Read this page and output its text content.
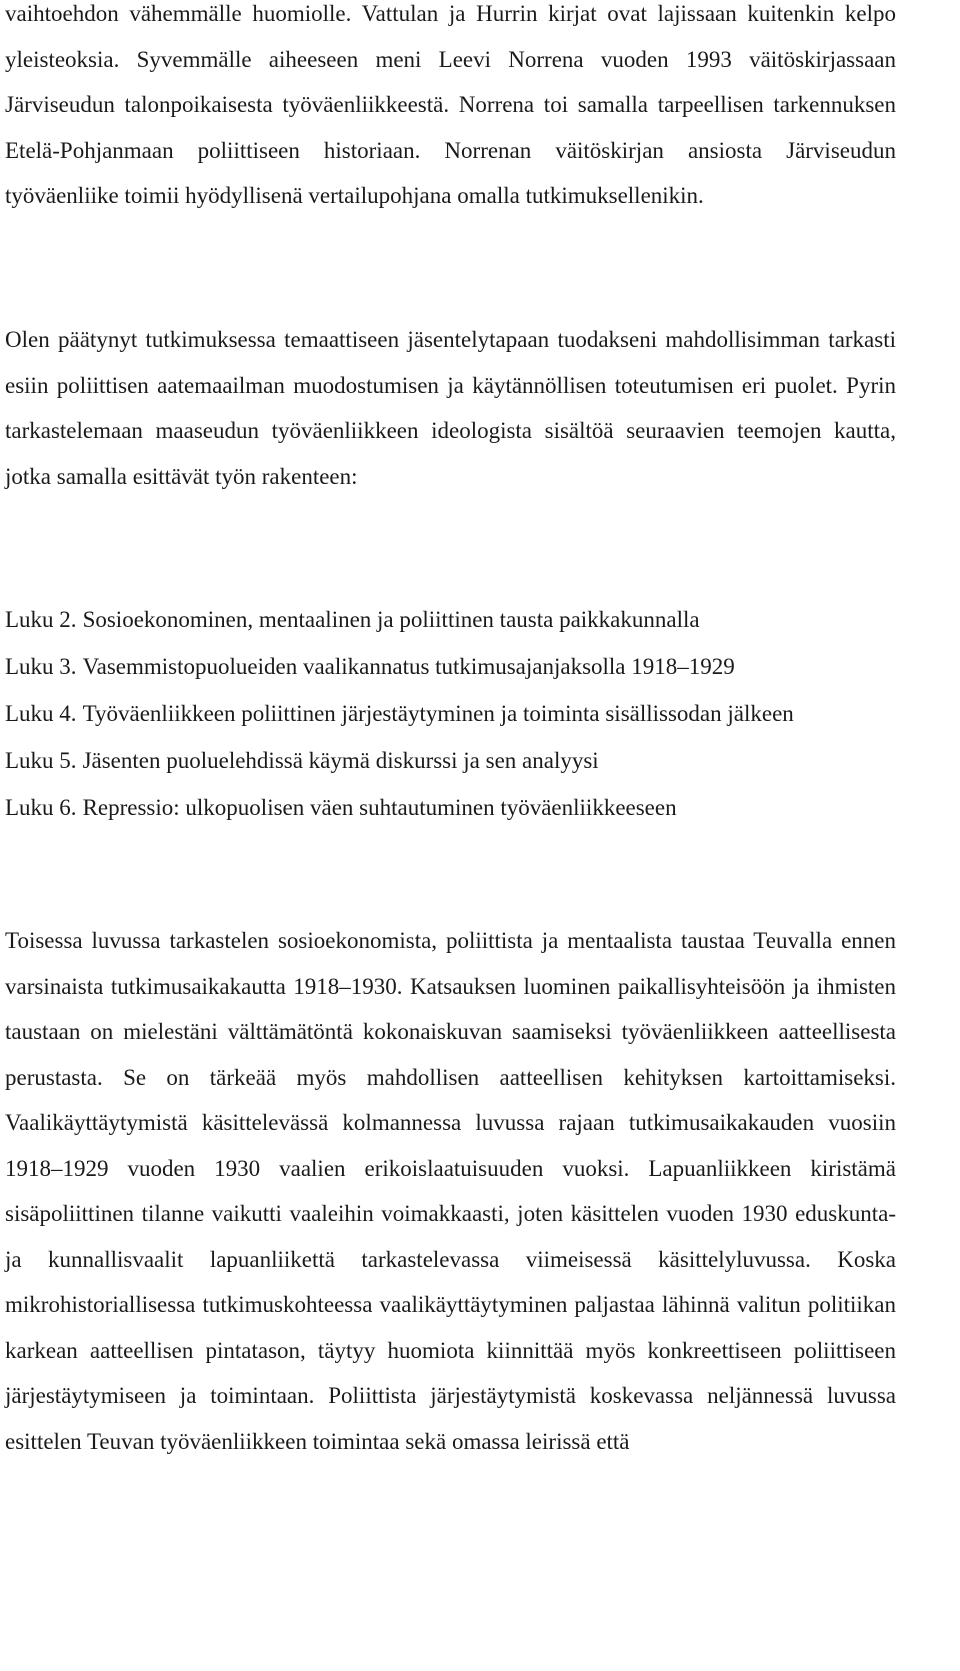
vaihtoehdon vähemmälle huomiolle. Vattulan ja Hurrin kirjat ovat lajissaan kuitenkin kelpo yleisteoksia. Syvemmälle aiheeseen meni Leevi Norrena vuoden 1993 väitöskirjassaan Järviseudun talonpoikaisesta työväenliikkeestä. Norrena toi samalla tarpeellisen tarkennuksen Etelä-Pohjanmaan poliittiseen historiaan. Norrenan väitöskirjan ansiosta Järviseudun työväenliike toimii hyödyllisenä vertailupohjana omalla tutkimuksellenikin.

Olen päätynyt tutkimuksessa temaattiseen jäsentelytapaan tuodakseni mahdollisimman tarkasti esiin poliittisen aatemaailman muodostumisen ja käytännöllisen toteutumisen eri puolet. Pyrin tarkastelemaan maaseudun työväenliikkeen ideologista sisältöä seuraavien teemojen kautta, jotka samalla esittävät työn rakenteen:

Luku 2. Sosioekonominen, mentaalinen ja poliittinen tausta paikkakunnalla
Luku 3. Vasemmistopuolueiden vaalikannatus tutkimusajanjaksolla 1918–1929
Luku 4. Työväenliikkeen poliittinen järjestäytyminen ja toiminta sisällissodan jälkeen
Luku 5. Jäsenten puoluelehdissä käymä diskurssi ja sen analyysi
Luku 6. Repressio: ulkopuolisen väen suhtautuminen työväenliikkeeseen

Toisessa luvussa tarkastelen sosioekonomista, poliittista ja mentaalista taustaa Teuvalla ennen varsinaista tutkimusaikakautta 1918–1930. Katsauksen luominen paikallisyhteisöön ja ihmisten taustaan on mielestäni välttämätöntä kokonaiskuvan saamiseksi työväenliikkeen aatteellisesta perustasta. Se on tärkeää myös mahdollisen aatteellisen kehityksen kartoittamiseksi. Vaalikäyttäytymistä käsittelevässä kolmannessa luvussa rajaan tutkimusaikakauden vuosiin 1918–1929 vuoden 1930 vaalien erikoislaatuisuuden vuoksi. Lapuanliikkeen kiristämä sisäpoliittinen tilanne vaikutti vaaleihin voimakkaasti, joten käsittelen vuoden 1930 eduskunta- ja kunnallisvaalit lapuanliikettä tarkastelevassa viimeisessä käsittelyluvussa. Koska mikrohistoriallisessa tutkimuskohteessa vaalikäyttäytyminen paljastaa lähinnä valitun politiikan karkean aatteellisen pintatason, täytyy huomiota kiinnittää myös konkreettiseen poliittiseen järjestäytymiseen ja toimintaan. Poliittista järjestäytymistä koskevassa neljännessä luvussa esittelen Teuvan työväenliikkeen toimintaa sekä omassa leirissä että
